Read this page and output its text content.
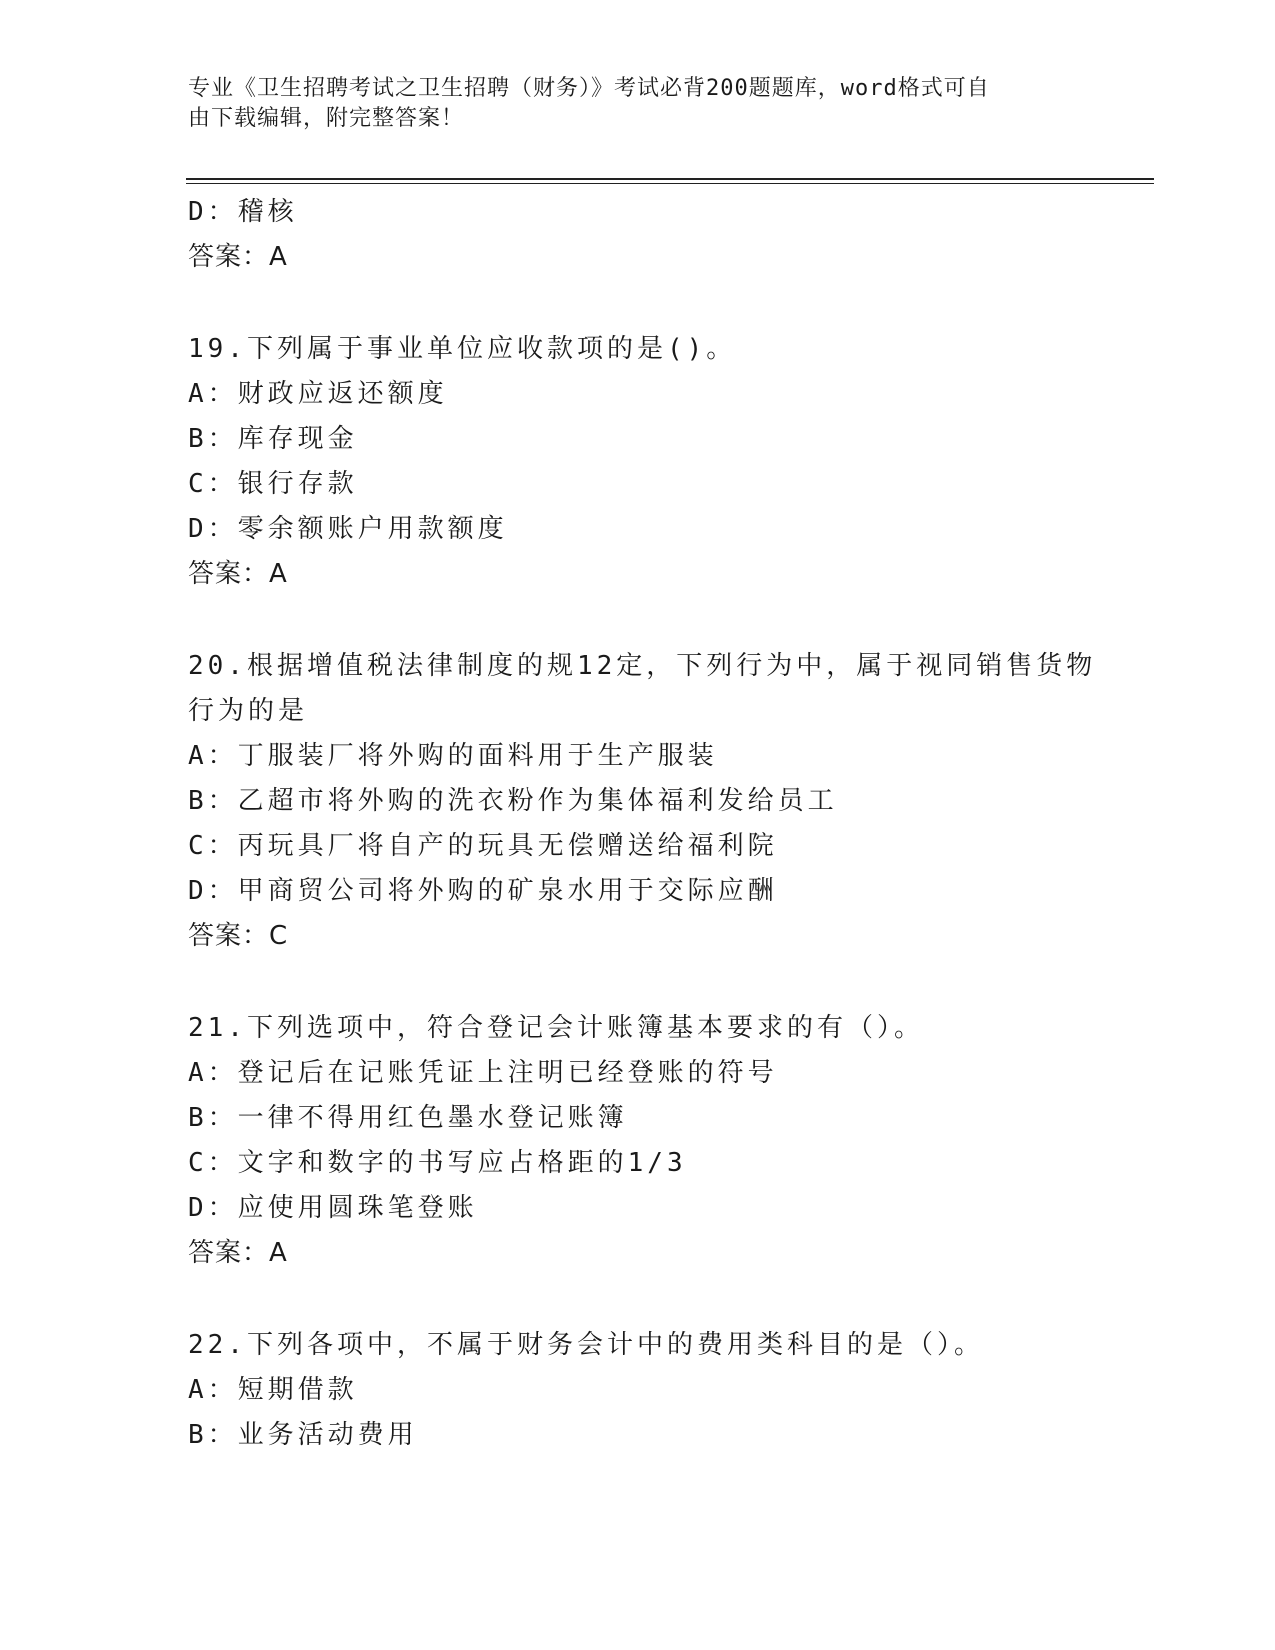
专业《卫生招聘考试之卫生招聘（财务）》考试必背200题题库，word格式可自
由下载编辑，附完整答案！
D：稽核
答案：A
19.下列属于事业单位应收款项的是()。
A：财政应返还额度
B：库存现金
C：银行存款
D：零余额账户用款额度
答案：A
20.根据增值税法律制度的规12定，下列行为中，属于视同销售货物
行为的是
A：丁服装厂将外购的面料用于生产服装
B：乙超市将外购的洗衣粉作为集体福利发给员工
C：丙玩具厂将自产的玩具无偿赠送给福利院
D：甲商贸公司将外购的矿泉水用于交际应酬
答案：C
21.下列选项中，符合登记会计账簿基本要求的有（）。
A：登记后在记账凭证上注明已经登账的符号
B：一律不得用红色墨水登记账簿
C：文字和数字的书写应占格距的1/3
D：应使用圆珠笔登账
答案：A
22.下列各项中，不属于财务会计中的费用类科目的是（）。
A：短期借款
B：业务活动费用
